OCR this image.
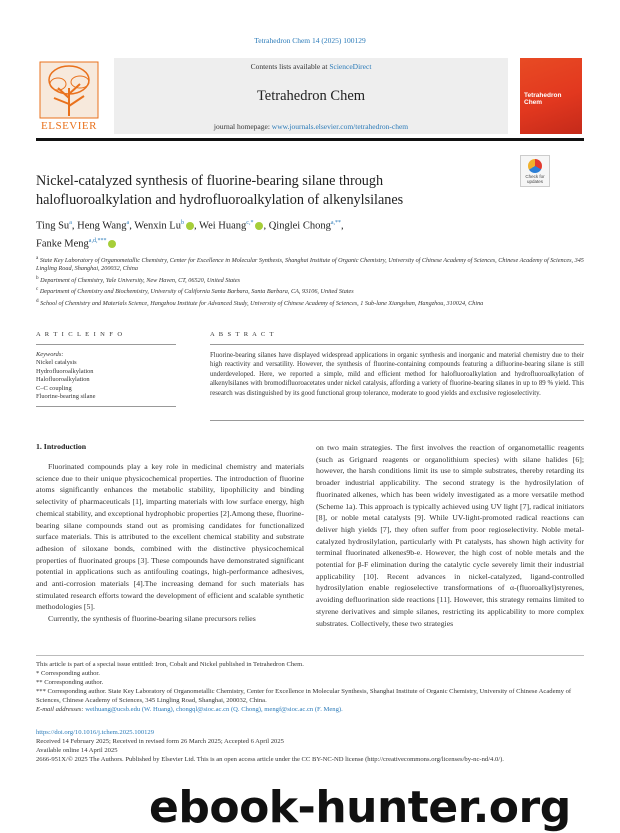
Tetrahedron Chem 14 (2025) 100129
ELSEVIER
Contents lists available at ScienceDirect
Tetrahedron Chem
journal homepage: www.journals.elsevier.com/tetrahedron-chem
Tetrahedron
Chem
Check for updates
Nickel-catalyzed synthesis of fluorine-bearing silane through halofluoroalkylation and hydrofluoroalkylation of alkenylsilanes
Ting Su$^a$, Heng Wang$^a$, Wenxin Lu$^b$ , Wei Huang$^{c,*}$ , Qinglei Chong$^{a,**}$,
Fanke Meng$^{a,d,***}$

$^a$ State Key Laboratory of Organometallic Chemistry, Center for Excellence in Molecular Synthesis, Shanghai Institute of Organic Chemistry, University of Chinese Academy of Sciences, Chinese Academy of Sciences, 345 Lingling Road, Shanghai, 200032, China

$^b$ Department of Chemistry, Yale University, New Haven, CT, 06520, United States

$^c$ Department of Chemistry and Biochemistry, University of California Santa Barbara, Santa Barbara, CA, 93106, United States

$^d$ School of Chemistry and Materials Science, Hangzhou Institute for Advanced Study, University of Chinese Academy of Sciences, 1 Sub-lane Xiangshan, Hangzhou, 310024, China

A R T I C L E I N F O	A B S T R A C T
Keywords:
Nickel catalysis
Hydrofluoroalkylation
Halofluoroalkylation
C–C coupling
Fluorine-bearing silane
Fluorine-bearing silanes have displayed widespread applications in organic synthesis and inorganic and material chemistry due to their high reactivity and versatility. However, the synthesis of fluorine-containing compounds featuring a difluorine-bearing silane is still underdeveloped. Here, we reported a simple, mild and efficient method for halofluoroalkylation and hydrofluoroalkylation of alkenylsilanes with bromodifluoroacetates under nickel catalysis, affording a variety of fluorine-bearing silanes in up to 89 % yield. This research was distinguished by its good functional group tolerance, moderate to good yields and exclusive regioselectivity.
1. Introduction

Fluorinated compounds play a key role in medicinal chemistry and materials science due to their unique physicochemical properties. The introduction of fluorine atoms significantly enhances the metabolic stability, lipophilicity and binding selectivity of pharmaceuticals [1], imparting materials with low surface energy, high chemical stability, and exceptional hydrophobic properties [2].Among these, fluorine-bearing silane compounds stand out as promising candidates for functionalized surface materials. This is attributed to the excellent chemical stability and substrate adhesion of siloxane bonds, combined with the distinctive physicochemical properties of fluorinated groups [3]. These compounds have demonstrated significant potential in applications such as antifouling coatings, high-performance adhesives, and anti-corrosion materials [4].The increasing demand for such materials has stimulated research efforts toward the development of efficient and scalable synthetic methodologies [5].

Currently, the synthesis of fluorine-bearing silane precursors relies

on two main strategies. The first involves the reaction of organometallic reagents (such as Grignard reagents or organolithium species) with silane halides [6]; however, the harsh conditions limit its use to simple substrates, thereby retarding its broader industrial applicability. The second strategy is the hydrosilylation of fluorinated alkenes, which has been widely investigated as a more versatile method (Scheme 1a). This approach is typically achieved using UV light [7], radical initiators [8], or noble metal catalysts [9]. While UV-light-promoted radical reactions can deliver high yields [7], they often suffer from poor regioselectivity. Noble metal-catalyzed hydrosilylation, particularly with Pt catalysts, has shown high activity for terminal fluorinated alkenes9b-e. However, the high cost of noble metals and the potential for β-F elimination during the catalytic cycle severely limit their industrial applicability [10]. Recent advances in nickel-catalyzed, ligand-controlled hydrosilylation enable regioselective transformations of α-(fluoroalkyl)styrenes, avoiding defluorination side reactions [11]. However, this strategy remains limited to styrene derivatives and simple silanes, restricting its applicability to more complex substrates. Collectively, these two strategies

This article is part of a special issue entitled: Iron, Cobalt and Nickel published in Tetrahedron Chem.

* Corresponding author.

** Corresponding author.

*** Corresponding author. State Key Laboratory of Organometallic Chemistry, Center for Excellence in Molecular Synthesis, Shanghai Institute of Organic Chemistry, University of Chinese Academy of Sciences, Chinese Academy of Sciences, 345 Lingling Road, Shanghai, 200032, China.

E-mail addresses: weihuang@ucsb.edu (W. Huang), chongql@sioc.ac.cn (Q. Chong), mengf@sioc.ac.cn (F. Meng).

https://doi.org/10.1016/j.tchem.2025.100129

Received 14 February 2025; Received in revised form 26 March 2025; Accepted 6 April 2025

Available online 14 April 2025

2666-951X/© 2025 The Authors. Published by Elsevier Ltd. This is an open access article under the CC BY-NC-ND license (http://creativecommons.org/licenses/by-nc-nd/4.0/).

ebook-hunter.org
